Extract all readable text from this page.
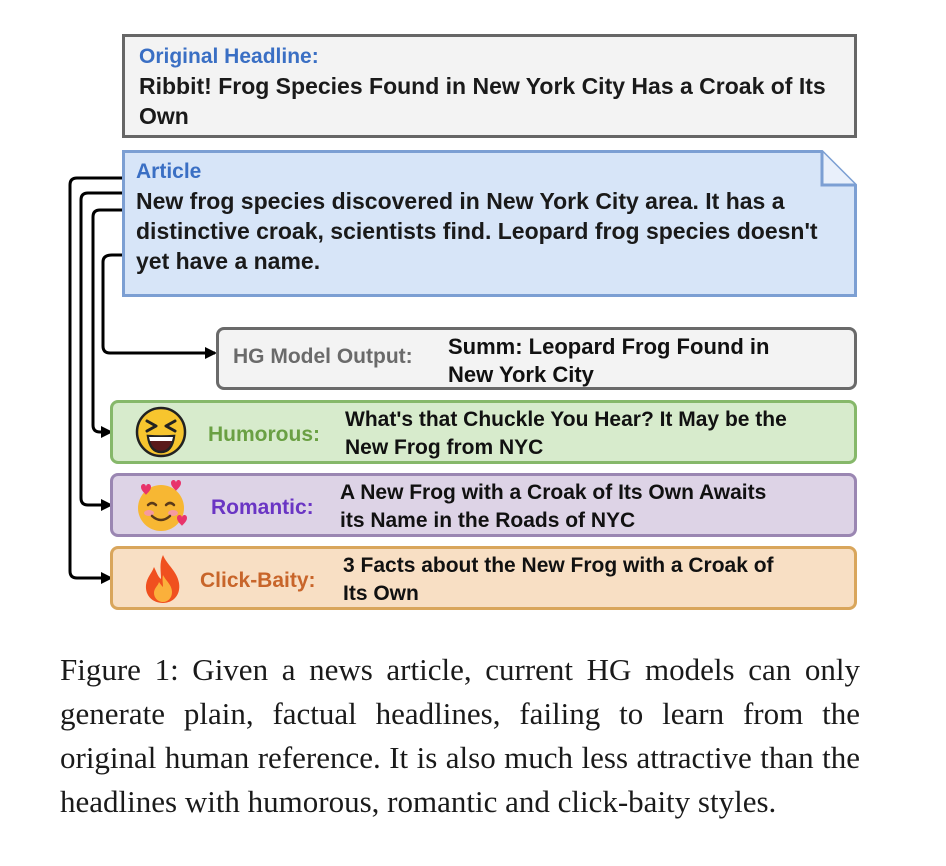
Original Headline:
Ribbit! Frog Species Found in New York City Has a Croak of Its Own
Article
New frog species discovered in New York City area. It has a distinctive croak, scientists find. Leopard frog species doesn't yet have a name.
HG Model Output: Summ: Leopard Frog Found in
New York City
Humorous:
What's that Chuckle You Hear? It May be the
New Frog from NYC
Romantic:
A New Frog with a Croak of Its Own Awaits
its Name in the Roads of NYC
Click-Baity:
3 Facts about the New Frog with a Croak of
Its Own

Figure 1: Given a news article, current HG models can only generate plain, factual headlines, failing to learn from the original human reference. It is also much less attractive than the headlines with humorous, romantic and click-baity styles.
